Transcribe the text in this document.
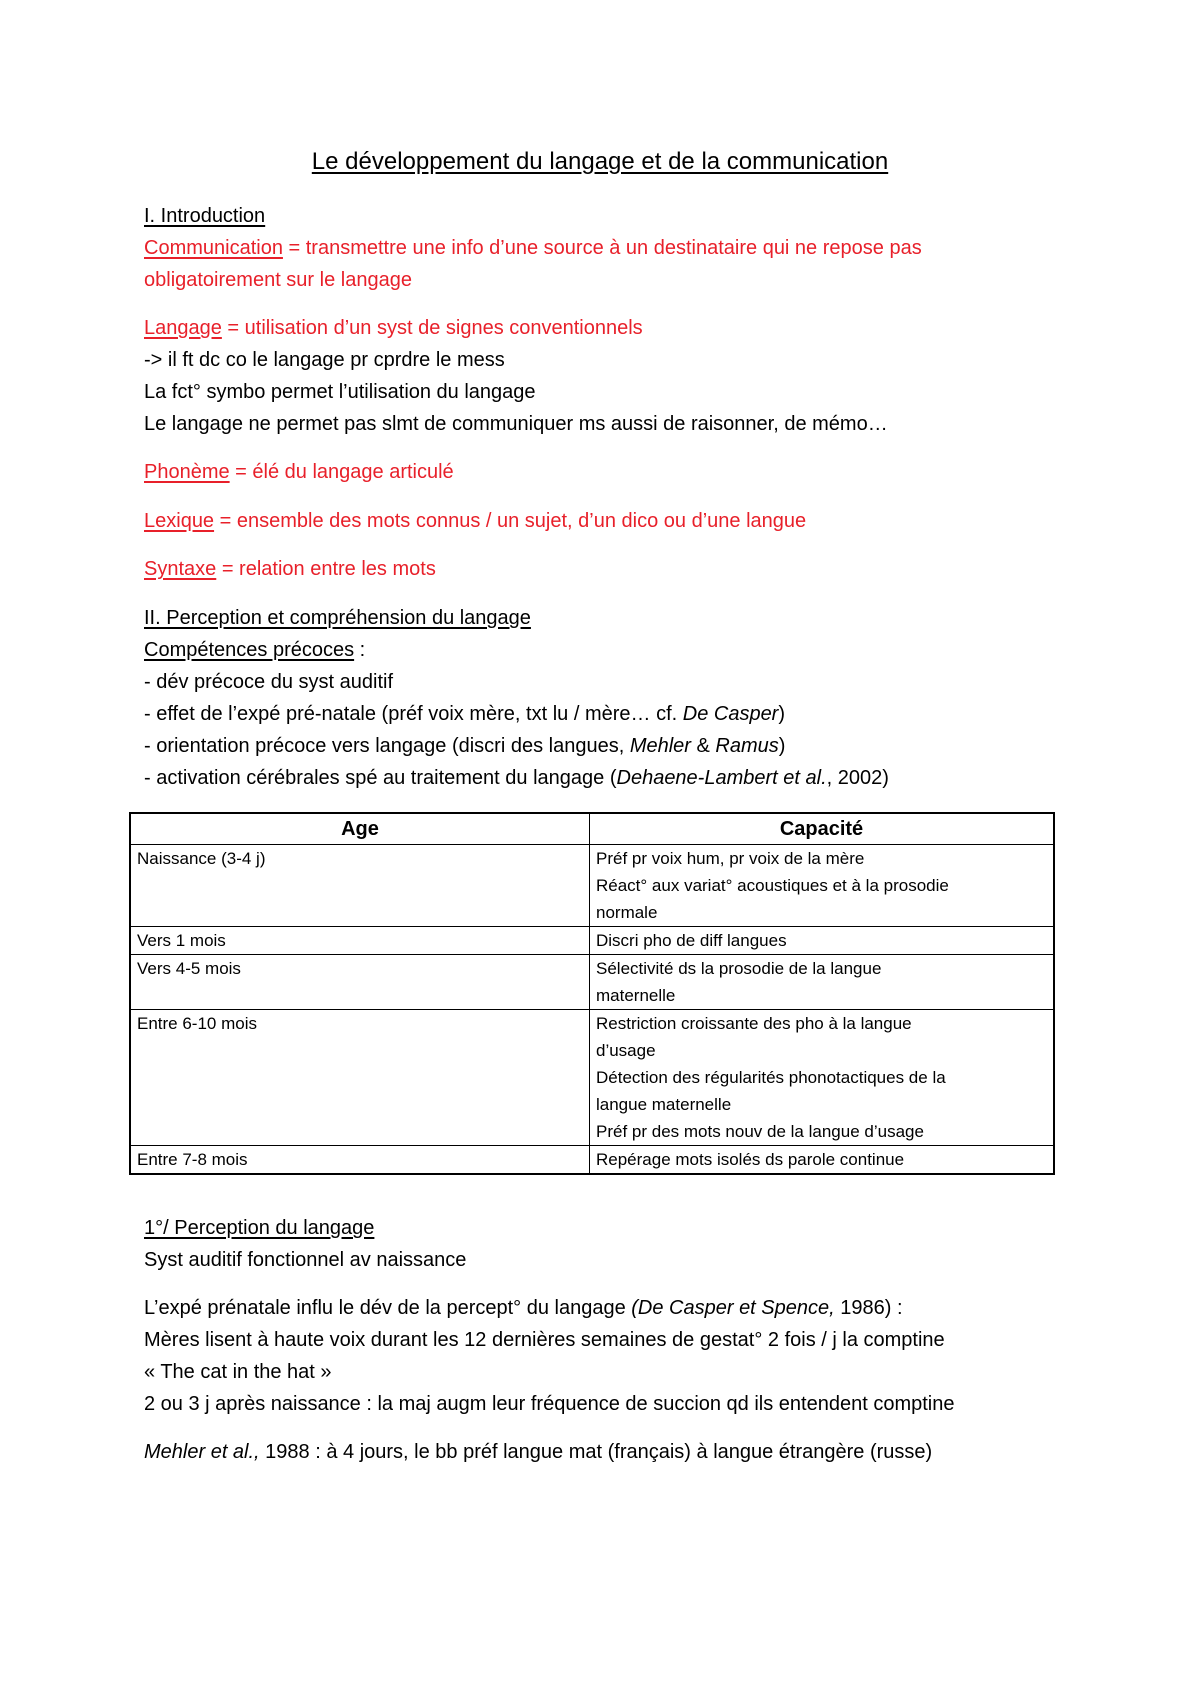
Le développement du langage et de la communication
I. Introduction
Communication = transmettre une info d’une source à un destinataire qui ne repose pas
obligatoirement sur le langage
Langage = utilisation d’un syst de signes conventionnels
-> il ft dc co le langage pr cprdre le mess
La fct° symbo permet l’utilisation du langage
Le langage ne permet pas slmt de communiquer ms aussi de raisonner, de mémo…
Phonème = élé du langage articulé
Lexique = ensemble des mots connus / un sujet, d’un dico ou d’une langue
Syntaxe = relation entre les mots
II. Perception et compréhension du langage
Compétences précoces :
- dév précoce du syst auditif
- effet de l’expé pré-natale (préf voix mère, txt lu / mère… cf. De Casper)
- orientation précoce vers langage (discri des langues, Mehler & Ramus)
- activation cérébrales spé au traitement du langage (Dehaene-Lambert et al., 2002)
Age	Capacité
Naissance (3-4 j)	Préf pr voix hum, pr voix de la mère
Réact° aux variat° acoustiques et à la prosodie
normale

Vers 1 mois	Discri pho de diff langues

Vers 4-5 mois	Sélectivité ds la prosodie de la langue
maternelle

Entre 6-10 mois	Restriction croissante des pho à la langue
d’usage
Détection des régularités phonotactiques de la
langue maternelle
Préf pr des mots nouv de la langue d’usage

Entre 7-8 mois	Repérage mots isolés ds parole continue
1°/ Perception du langage
Syst auditif fonctionnel av naissance
L’expé prénatale influ le dév de la percept° du langage (De Casper et Spence, 1986) :
Mères lisent à haute voix durant les 12 dernières semaines de gestat° 2 fois / j la comptine
« The cat in the hat »
2 ou 3 j après naissance : la maj augm leur fréquence de succion qd ils entendent comptine
Mehler et al., 1988 : à 4 jours, le bb préf langue mat (français) à langue étrangère (russe)
